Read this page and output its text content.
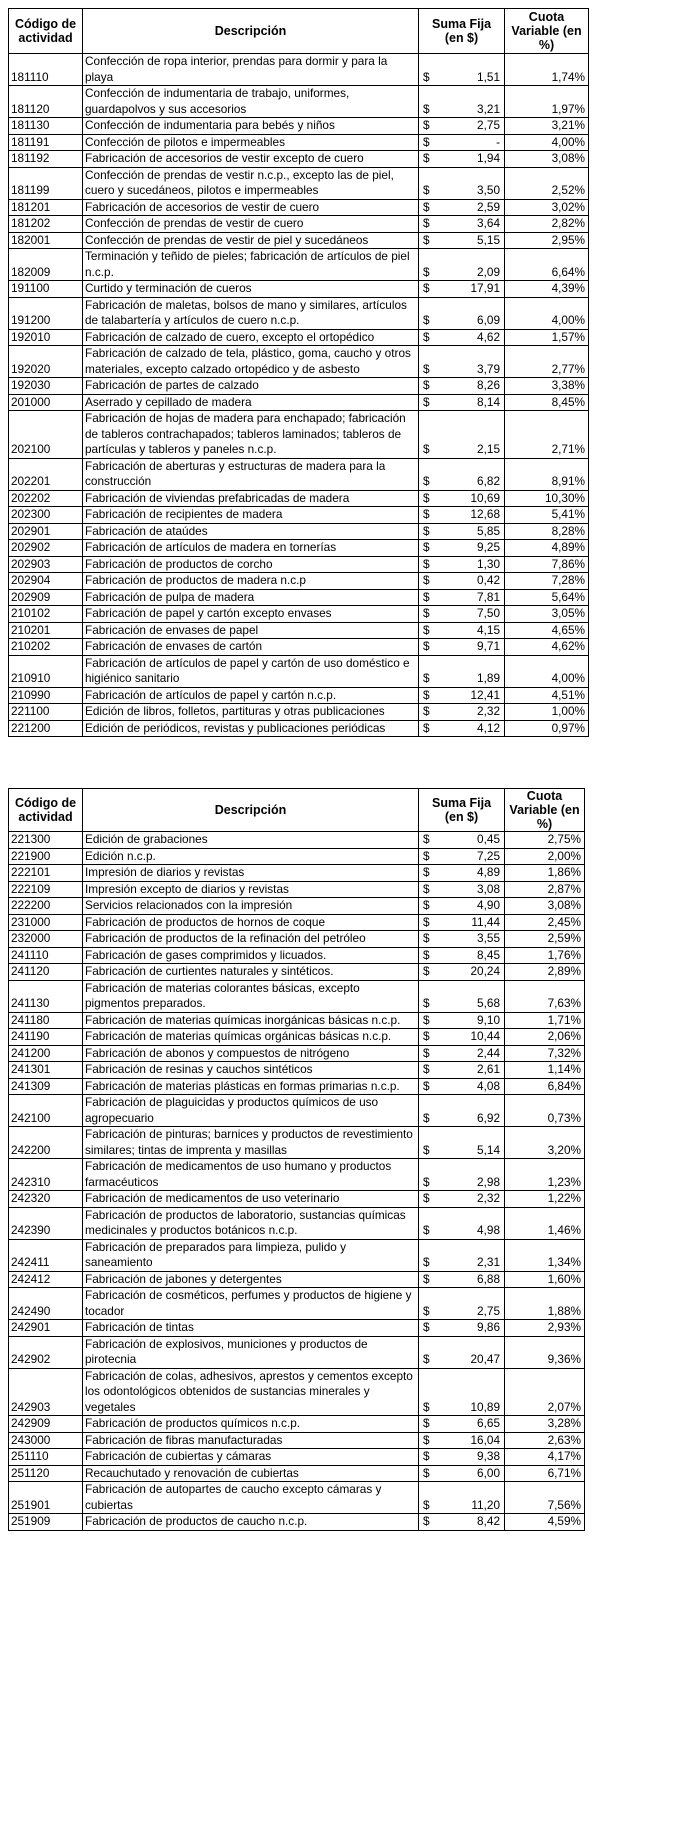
Código de actividad	Descripción	Suma Fija (en $)		Cuota Variable (en %)
181110	Confección de ropa interior, prendas para dormir y para la playa	$	1,51	1,74%
181120	Confección de indumentaria de trabajo, uniformes, guardapolvos y sus accesorios	$	3,21	1,97%
181130	Confección de indumentaria para bebés y niños	$	2,75	3,21%
181191	Confección de pilotos e impermeables	$	-	4,00%
181192	Fabricación de accesorios de vestir excepto de cuero	$	1,94	3,08%
181199	Confección de prendas de vestir n.c.p., excepto las de piel, cuero y sucedáneos, pilotos e impermeables	$	3,50	2,52%
181201	Fabricación de accesorios de vestir de cuero	$	2,59	3,02%
181202	Confección de prendas de vestir de cuero	$	3,64	2,82%
182001	Confección de prendas de vestir de piel y sucedáneos	$	5,15	2,95%
182009	Terminación y teñido de pieles; fabricación de artículos de piel n.c.p.	$	2,09	6,64%
191100	Curtido y terminación de cueros	$	17,91	4,39%
191200	Fabricación de maletas, bolsos de mano y similares, artículos de talabartería y artículos de cuero n.c.p.	$	6,09	4,00%
192010	Fabricación de calzado de cuero, excepto el ortopédico	$	4,62	1,57%
192020	Fabricación de calzado de tela, plástico, goma, caucho y otros materiales, excepto calzado ortopédico y de asbesto	$	3,79	2,77%
192030	Fabricación de partes de calzado	$	8,26	3,38%
201000	Aserrado y cepillado de madera	$	8,14	8,45%
202100	Fabricación de hojas de madera para enchapado; fabricación de tableros contrachapados; tableros laminados; tableros de partículas y tableros y paneles n.c.p.	$	2,15	2,71%
202201	Fabricación de aberturas y estructuras de madera para la construcción	$	6,82	8,91%
202202	Fabricación de viviendas prefabricadas de madera	$	10,69	10,30%
202300	Fabricación de recipientes de madera	$	12,68	5,41%
202901	Fabricación de ataúdes	$	5,85	8,28%
202902	Fabricación de artículos de madera en tornerías	$	9,25	4,89%
202903	Fabricación de productos de corcho	$	1,30	7,86%
202904	Fabricación de productos de madera n.c.p	$	0,42	7,28%
202909	Fabricación de pulpa de madera	$	7,81	5,64%
210102	Fabricación de papel y cartón excepto envases	$	7,50	3,05%
210201	Fabricación de envases de papel	$	4,15	4,65%
210202	Fabricación de envases de cartón	$	9,71	4,62%
210910	Fabricación de artículos de papel y cartón de uso doméstico e higiénico sanitario	$	1,89	4,00%
210990	Fabricación de artículos de papel y cartón n.c.p.	$	12,41	4,51%
221100	Edición de libros, folletos, partituras y otras publicaciones	$	2,32	1,00%
221200	Edición de periódicos, revistas y publicaciones periódicas	$	4,12	0,97%
Código de actividad	Descripción	Suma Fija (en $)		Cuota Variable (en %)
221300	Edición de grabaciones	$	0,45	2,75%
221900	Edición n.c.p.	$	7,25	2,00%
222101	Impresión de diarios y revistas	$	4,89	1,86%
222109	Impresión excepto de diarios y revistas	$	3,08	2,87%
222200	Servicios relacionados con la impresión	$	4,90	3,08%
231000	Fabricación de productos de hornos de coque	$	11,44	2,45%
232000	Fabricación de productos de la refinación del petróleo	$	3,55	2,59%
241110	Fabricación de gases comprimidos y licuados.	$	8,45	1,76%
241120	Fabricación de curtientes naturales y sintéticos.	$	20,24	2,89%
241130	Fabricación de materias colorantes básicas, excepto pigmentos preparados.	$	5,68	7,63%
241180	Fabricación de materias químicas inorgánicas básicas n.c.p.	$	9,10	1,71%
241190	Fabricación de materias químicas orgánicas básicas n.c.p.	$	10,44	2,06%
241200	Fabricación de abonos y compuestos de nitrógeno	$	2,44	7,32%
241301	Fabricación de resinas y cauchos sintéticos	$	2,61	1,14%
241309	Fabricación de materias plásticas en formas primarias n.c.p.	$	4,08	6,84%
242100	Fabricación de plaguicidas y productos químicos de uso agropecuario	$	6,92	0,73%
242200	Fabricación de pinturas; barnices y productos de revestimiento similares; tintas de imprenta y masillas	$	5,14	3,20%
242310	Fabricación de medicamentos de uso humano y productos farmacéuticos	$	2,98	1,23%
242320	Fabricación de medicamentos de uso veterinario	$	2,32	1,22%
242390	Fabricación de productos de laboratorio, sustancias químicas medicinales y productos botánicos n.c.p.	$	4,98	1,46%
242411	Fabricación de preparados para limpieza, pulido y saneamiento	$	2,31	1,34%
242412	Fabricación de jabones y detergentes	$	6,88	1,60%
242490	Fabricación de cosméticos, perfumes y productos de higiene y tocador	$	2,75	1,88%
242901	Fabricación de tintas	$	9,86	2,93%
242902	Fabricación de explosivos, municiones y productos de pirotecnia	$	20,47	9,36%
242903	Fabricación de colas, adhesivos, aprestos y cementos excepto los odontológicos obtenidos de sustancias minerales y vegetales	$	10,89	2,07%
242909	Fabricación de productos químicos n.c.p.	$	6,65	3,28%
243000	Fabricación de fibras manufacturadas	$	16,04	2,63%
251110	Fabricación de cubiertas y cámaras	$	9,38	4,17%
251120	Recauchutado y renovación de cubiertas	$	6,00	6,71%
251901	Fabricación de autopartes de caucho excepto cámaras y cubiertas	$	11,20	7,56%
251909	Fabricación de productos de caucho n.c.p.	$	8,42	4,59%
